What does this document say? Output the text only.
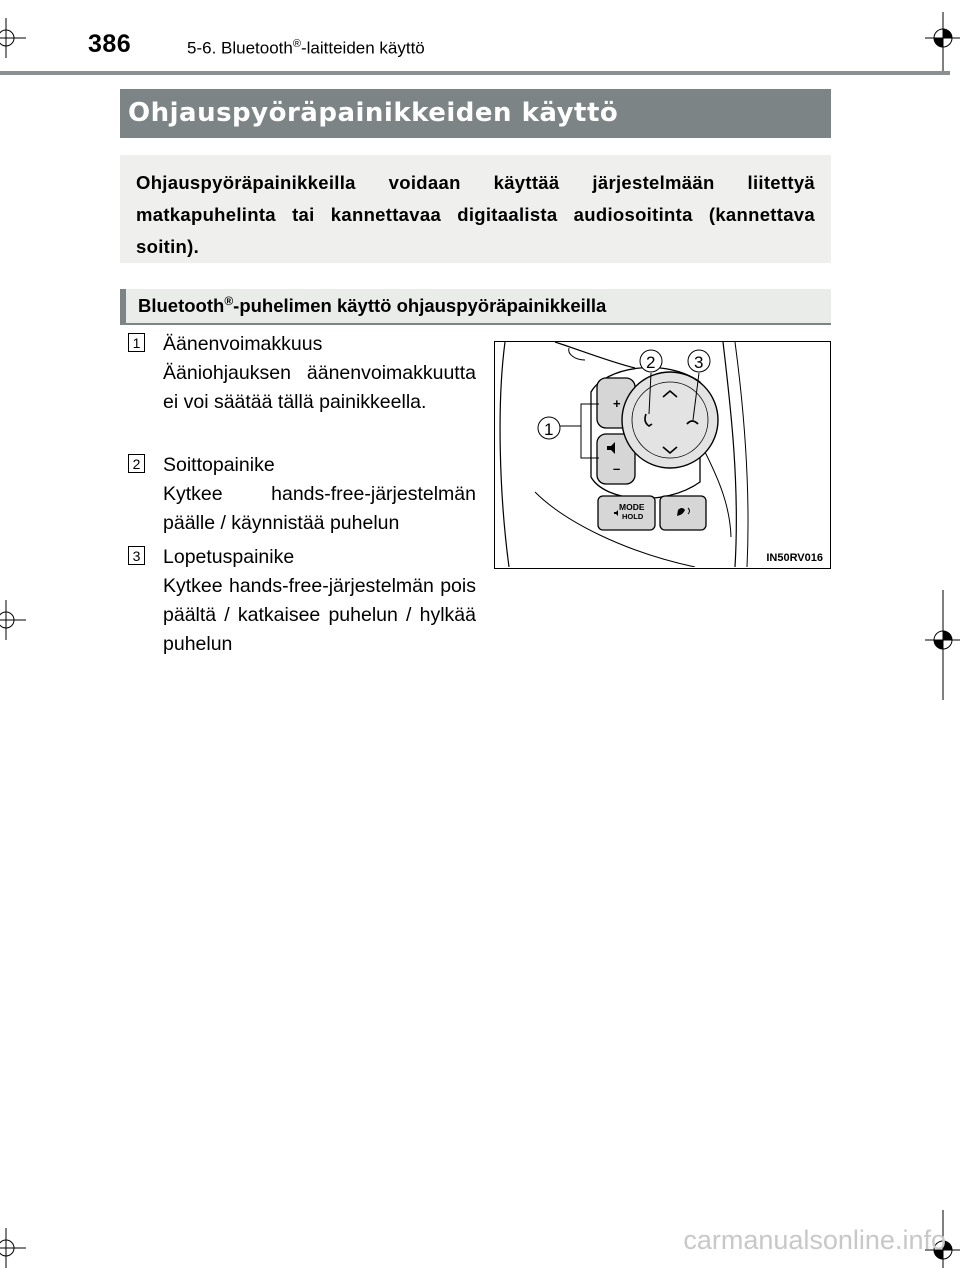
386	5-6. Bluetooth®-laitteiden käyttö
Ohjauspyöräpainikkeiden käyttö
Ohjauspyöräpainikkeilla voidaan käyttää järjestelmään liitettyä matkapuhelinta tai kannettavaa digitaalista audiosoitinta (kannettava soitin).
Bluetooth®-puhelimen käyttö ohjauspyöräpainikkeilla
1 Äänenvoimakkuus
Ääniohjauksen äänenvoimakkuutta ei voi säätää tällä painikkeella.
2 Soittopainike
Kytkee hands-free-järjestelmän päälle / käynnistää puhelun
3 Lopetuspainike
Kytkee hands-free-järjestelmän pois päältä / katkaisee puhelun / hylkää puhelun
+
–
MODE
HOLD
1
2 3
IN50RV016
carmanualsonline.info
